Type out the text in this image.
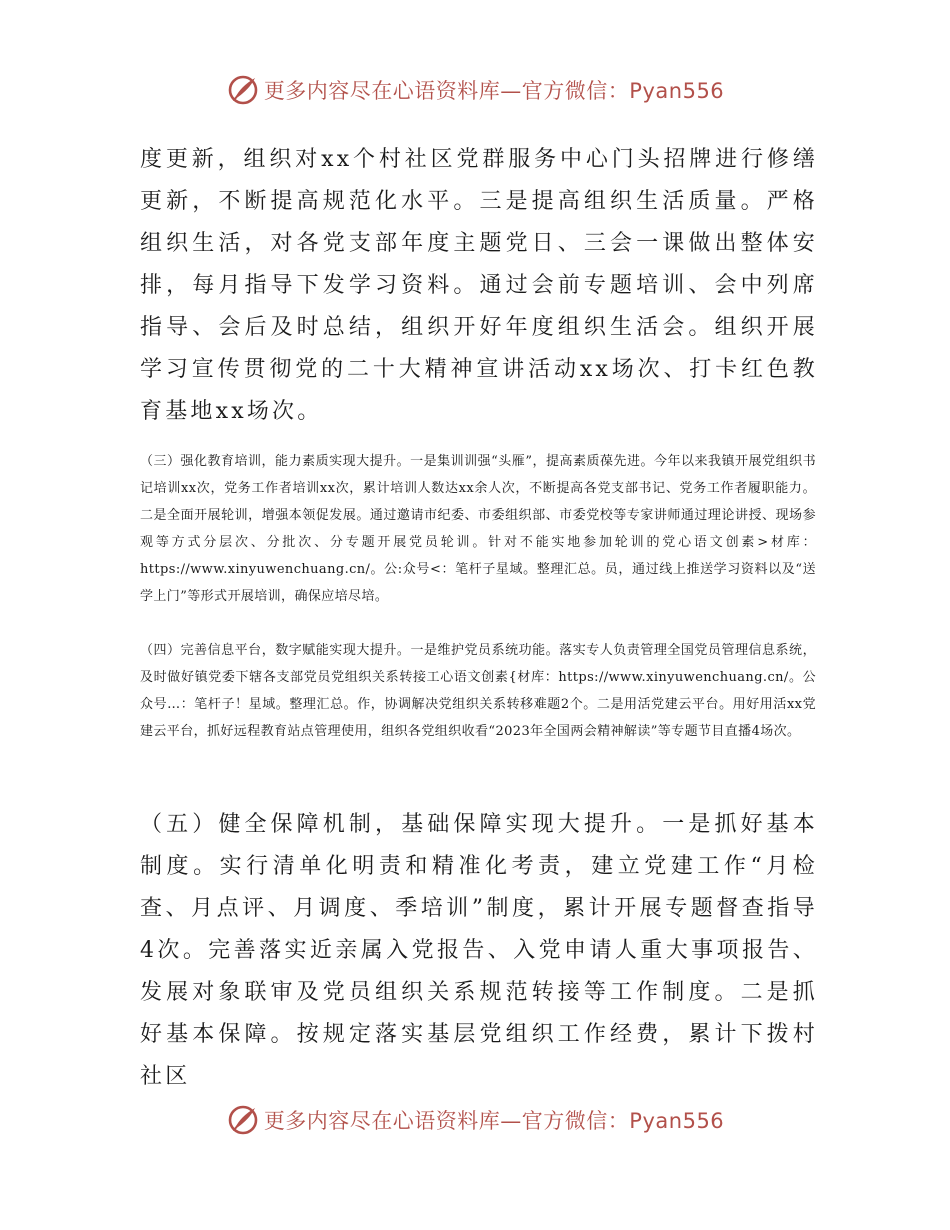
更多内容尽在心语资料库—官方微信：Pyan556

度更新，组织对xx个村社区党群服务中心门头招牌进行修缮更新，不断提高规范化水平。三是提高组织生活质量。严格组织生活，对各党支部年度主题党日、三会一课做出整体安排，每月指导下发学习资料。通过会前专题培训、会中列席指导、会后及时总结，组织开好年度组织生活会。组织开展学习宣传贯彻党的二十大精神宣讲活动xx场次、打卡红色教育基地xx场次。

（三）强化教育培训，能力素质实现大提升。一是集训训强“头雁”，提高素质葆先进。今年以来我镇开展党组织书记培训xx次，党务工作者培训xx次，累计培训人数达xx余人次，不断提高各党支部书记、党务工作者履职能力。二是全面开展轮训，增强本领促发展。通过邀请市纪委、市委组织部、市委党校等专家讲师通过理论讲授、现场参观等方式分层次、分批次、分专题开展党员轮训。针对不能实地参加轮训的党心语文创素>材库：https://www.xinyuwenchuang.cn/。公:众号<：笔杆子星域。整理汇总。员，通过线上推送学习资料以及“送学上门”等形式开展培训，确保应培尽培。

（四）完善信息平台，数字赋能实现大提升。一是维护党员系统功能。落实专人负责管理全国党员管理信息系统，及时做好镇党委下辖各支部党员党组织关系转接工心语文创素{材库：https://www.xinyuwenchuang.cn/。公众号…：笔杆子！星域。整理汇总。作，协调解决党组织关系转移难题2个。二是用活党建云平台。用好用活xx党建云平台，抓好远程教育站点管理使用，组织各党组织收看“2023年全国两会精神解读”等专题节目直播4场次。

（五）健全保障机制，基础保障实现大提升。一是抓好基本制度。实行清单化明责和精准化考责，建立党建工作“月检查、月点评、月调度、季培训”制度，累计开展专题督查指导4次。完善落实近亲属入党报告、入党申请人重大事项报告、发展对象联审及党员组织关系规范转接等工作制度。二是抓好基本保障。按规定落实基层党组织工作经费，累计下拨村社区

更多内容尽在心语资料库—官方微信：Pyan556
